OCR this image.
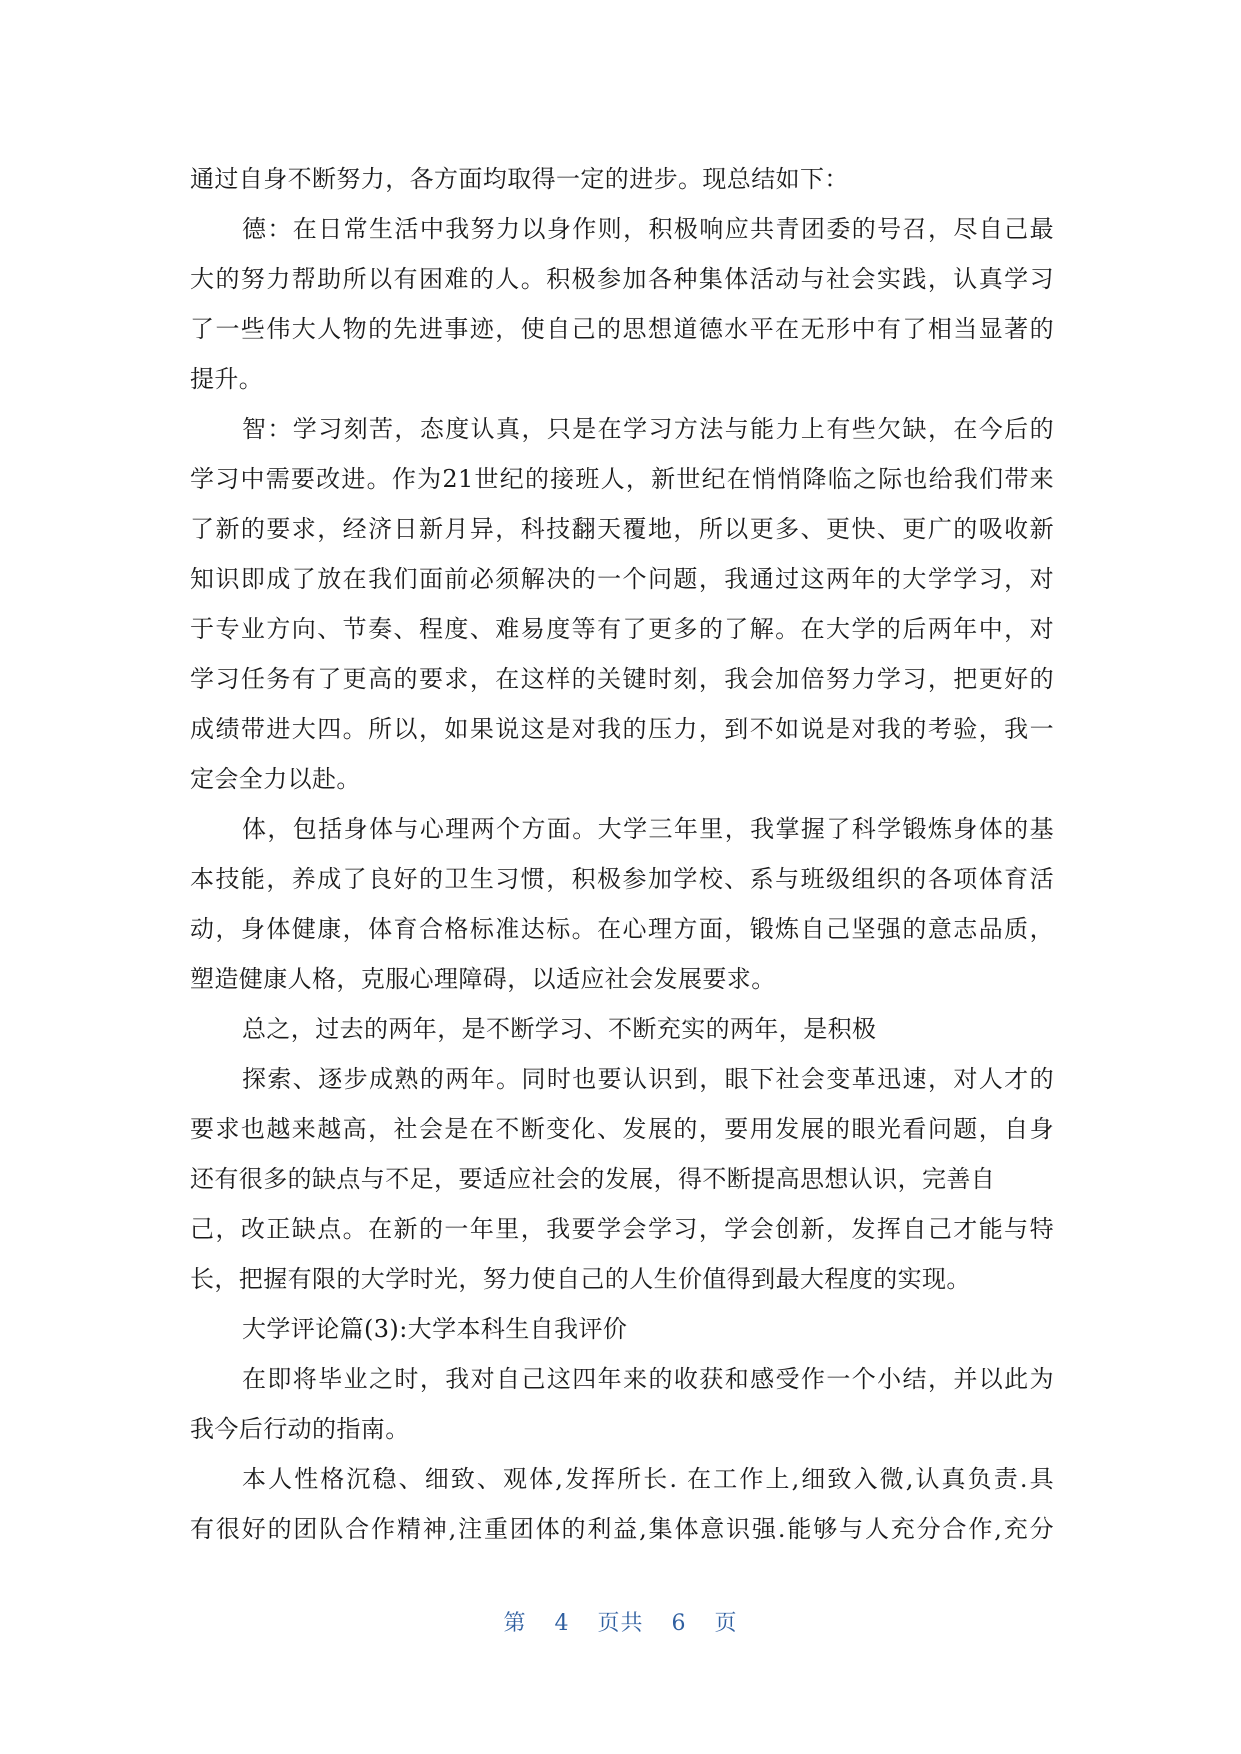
通过自身不断努力，各方面均取得一定的进步。现总结如下：
德：在日常生活中我努力以身作则，积极响应共青团委的号召，尽自己最
大的努力帮助所以有困难的人。积极参加各种集体活动与社会实践，认真学习
了一些伟大人物的先进事迹，使自己的思想道德水平在无形中有了相当显著的
提升。
智：学习刻苦，态度认真，只是在学习方法与能力上有些欠缺，在今后的
学习中需要改进。作为21世纪的接班人，新世纪在悄悄降临之际也给我们带来
了新的要求，经济日新月异，科技翻天覆地，所以更多、更快、更广的吸收新
知识即成了放在我们面前必须解决的一个问题，我通过这两年的大学学习，对
于专业方向、节奏、程度、难易度等有了更多的了解。在大学的后两年中，对
学习任务有了更高的要求，在这样的关键时刻，我会加倍努力学习，把更好的
成绩带进大四。所以，如果说这是对我的压力，到不如说是对我的考验，我一
定会全力以赴。
体，包括身体与心理两个方面。大学三年里，我掌握了科学锻炼身体的基
本技能，养成了良好的卫生习惯，积极参加学校、系与班级组织的各项体育活
动，身体健康，体育合格标准达标。在心理方面，锻炼自己坚强的意志品质，
塑造健康人格，克服心理障碍，以适应社会发展要求。
总之，过去的两年，是不断学习、不断充实的两年，是积极
探索、逐步成熟的两年。同时也要认识到，眼下社会变革迅速，对人才的
要求也越来越高，社会是在不断变化、发展的，要用发展的眼光看问题，自身
还有很多的缺点与不足，要适应社会的发展，得不断提高思想认识，完善自
己，改正缺点。在新的一年里，我要学会学习，学会创新，发挥自己才能与特
长，把握有限的大学时光，努力使自己的人生价值得到最大程度的实现。
大学评论篇(3):大学本科生自我评价
在即将毕业之时，我对自己这四年来的收获和感受作一个小结，并以此为
我今后行动的指南。
本人性格沉稳、细致、观体,发挥所长. 在工作上,细致入微,认真负责.具
有很好的团队合作精神,注重团体的利益,集体意识强.能够与人充分合作,充分
第 4 页共 6 页
